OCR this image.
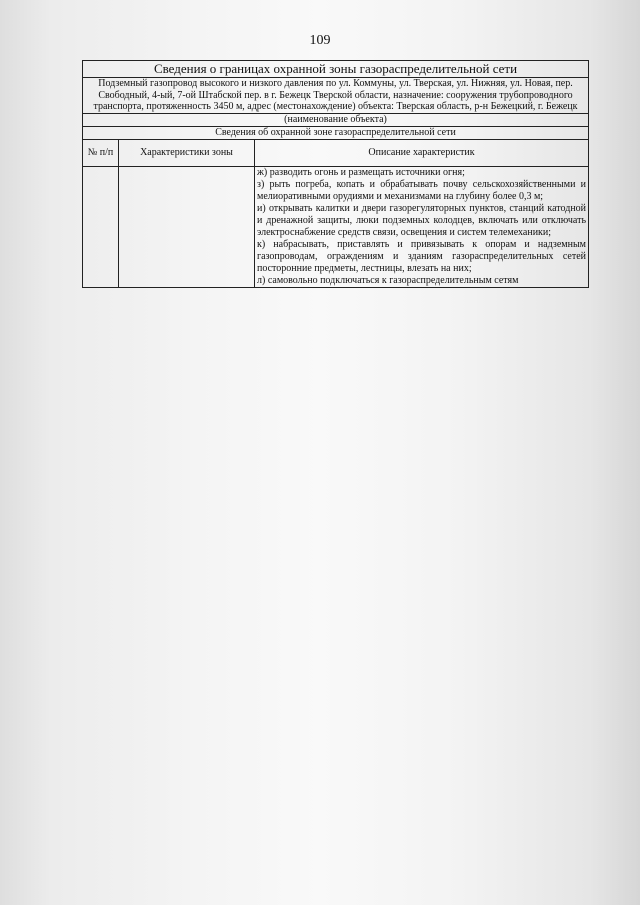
109
Сведения о границах охранной зоны газораспределительной сети		
Подземный газопровод высокого и низкого давления по ул. Коммуны, ул. Тверская, ул. Нижняя, ул. Новая, пер. Свободный, 4-ый, 7-ой Штабской пер. в г. Бежецк Тверской области, назначение: сооружения трубопроводного транспорта, протяженность 3450 м, адрес (местонахождение) объекта: Тверская область, р-н Бежецкий, г. Бежецк		
(наименование объекта)		
Сведения об охранной зоне газораспределительной сети		
№ п/п	Характеристики зоны	Описание характеристик

		ж) разводить огонь и размещать источники огня;
з) рыть погреба, копать и обрабатывать почву сельскохозяйственными и мелиоративными орудиями и механизмами на глубину более 0,3 м;
и) открывать калитки и двери газорегуляторных пунктов, станций катодной и дренажной защиты, люки подземных колодцев, включать или отключать электроснабжение средств связи, освещения и систем телемеханики;
к) набрасывать, приставлять и привязывать к опорам и надземным газопроводам, ограждениям и зданиям газораспределительных сетей посторонние предметы, лестницы, влезать на них;
л) самовольно подключаться к газораспределительным сетям
